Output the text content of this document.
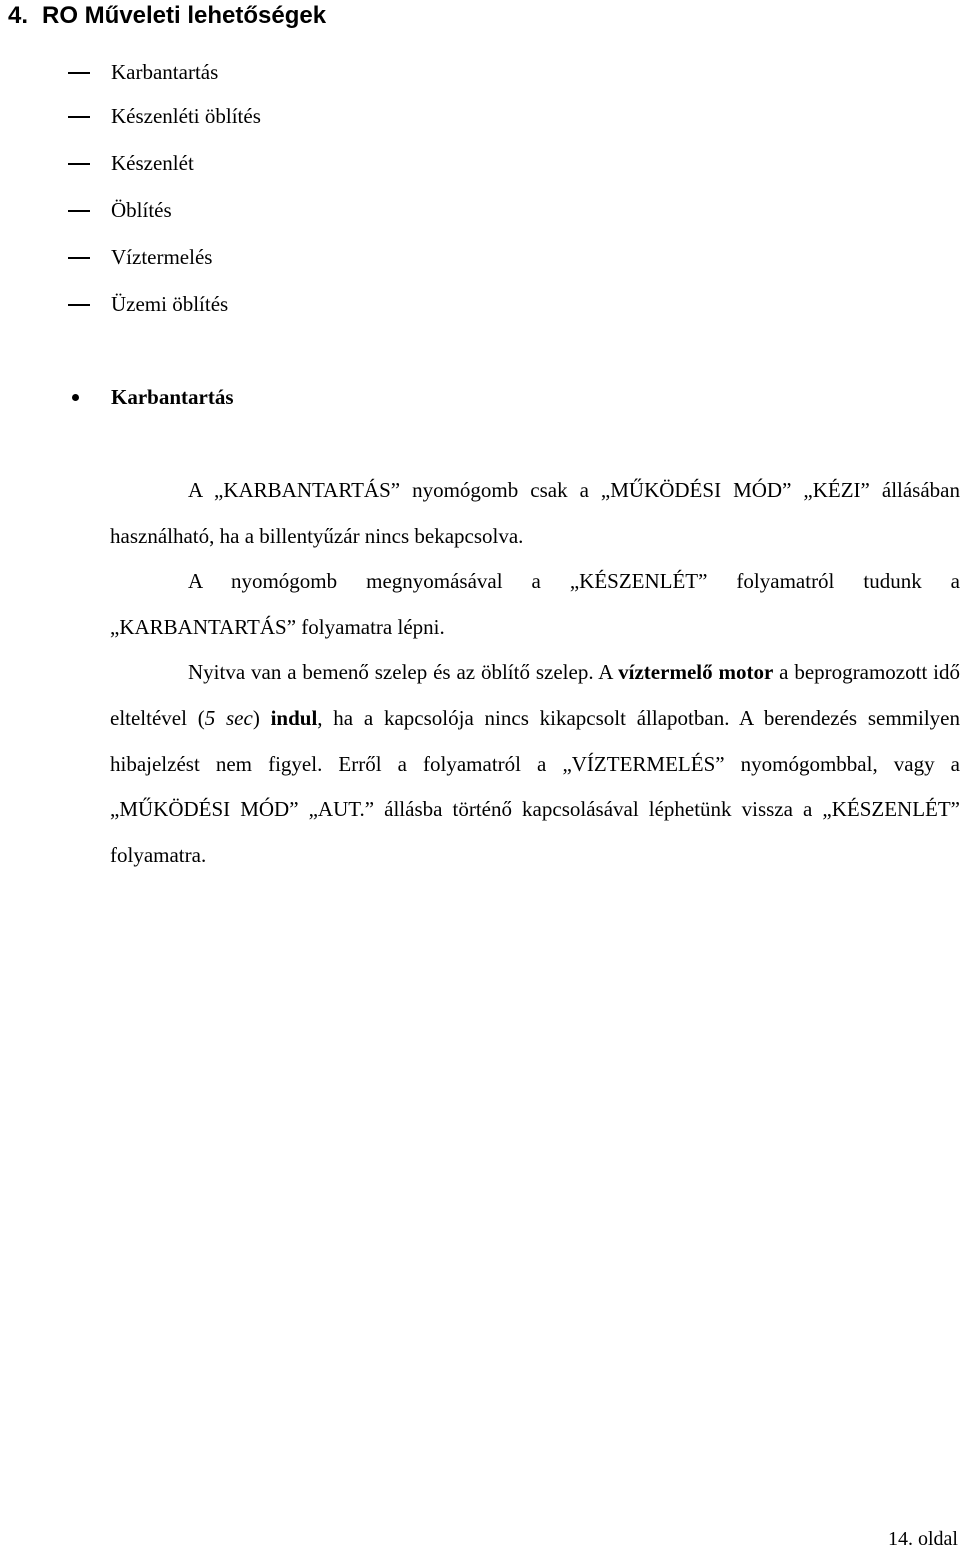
4. RO Műveleti lehetőségek
Karbantartás
Készenléti öblítés
Készenlét
Öblítés
Víztermelés
Üzemi öblítés
Karbantartás

A „KARBANTARTÁS” nyomógomb csak a „MŰKÖDÉSI MÓD” „KÉZI” állásában használható, ha a billentyűzár nincs bekapcsolva.

A nyomógomb megnyomásával a „KÉSZENLÉT” folyamatról tudunk a „KARBANTARTÁS” folyamatra lépni.

Nyitva van a bemenő szelep és az öblítő szelep. A víztermelő motor a beprogramozott idő elteltével (5 sec) indul, ha a kapcsolója nincs kikapcsolt állapotban. A berendezés semmilyen hibajelzést nem figyel. Erről a folyamatról a „VÍZTERMELÉS” nyomógombbal, vagy a „MŰKÖDÉSI MÓD” „AUT.” állásba történő kapcsolásával léphetünk vissza a „KÉSZENLÉT” folyamatra.

14. oldal
